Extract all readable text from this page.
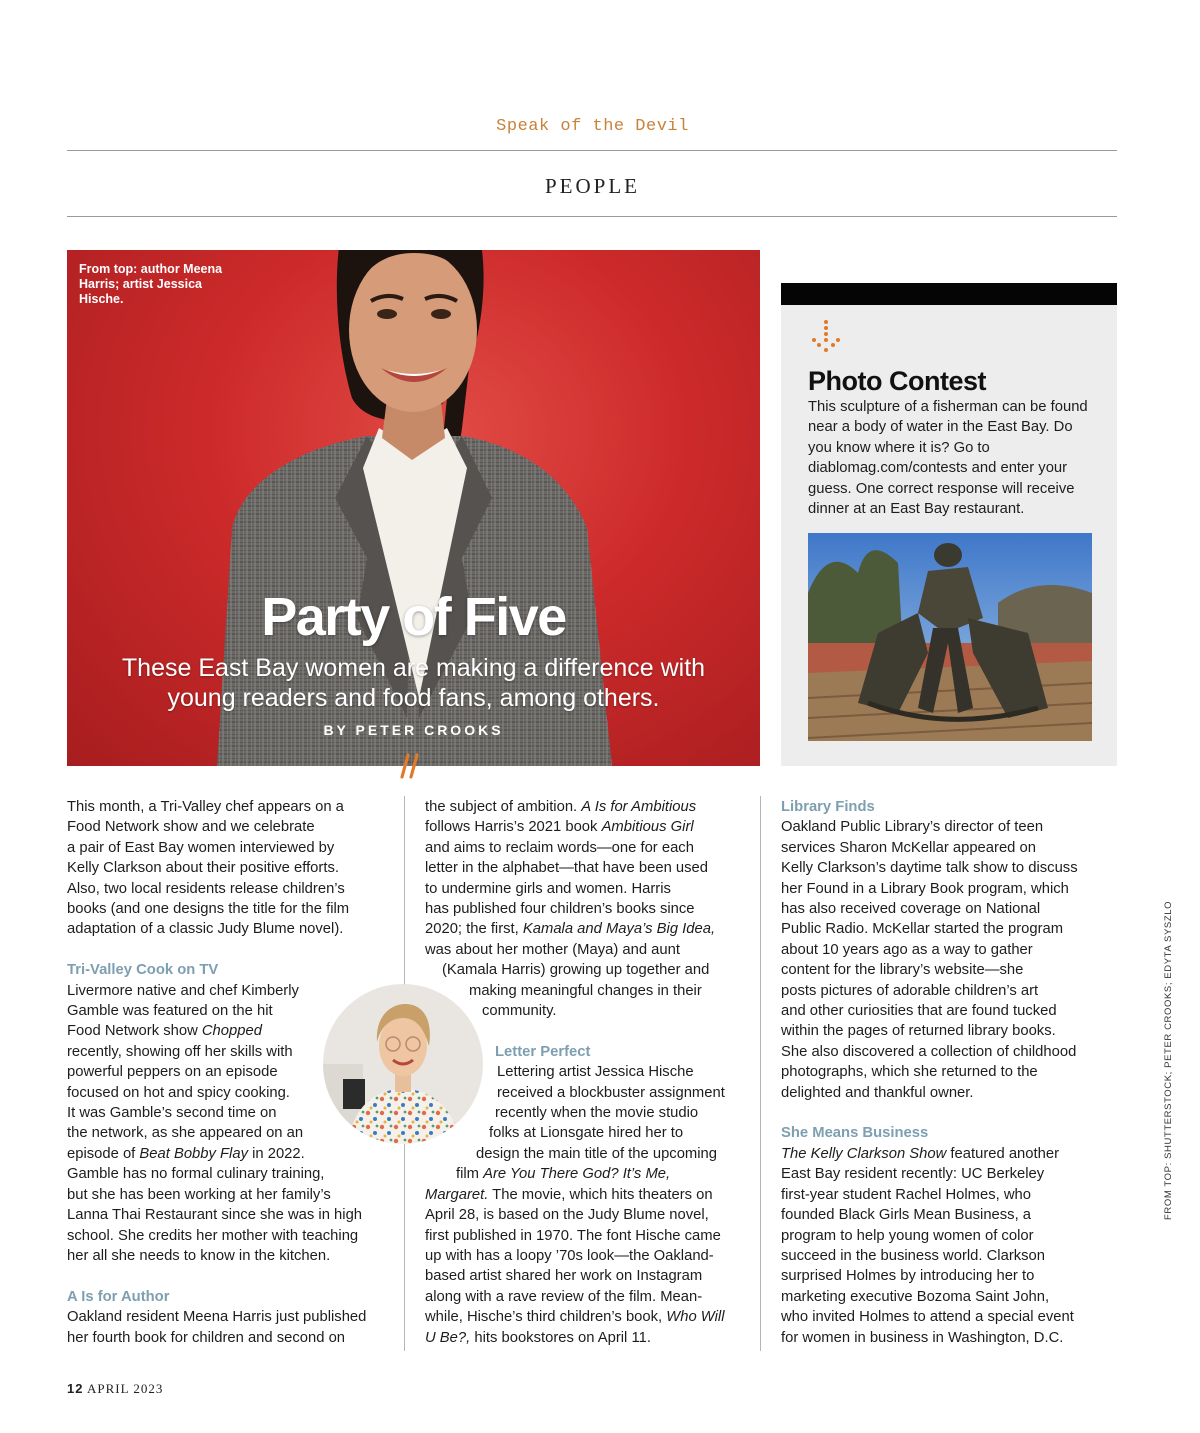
Speak of the Devil
PEOPLE
From top: author Meena Harris; artist Jessica Hische.
Party of Five
These East Bay women are making a difference with young readers and food fans, among others.
BY PETER CROOKS
Photo Contest
This sculpture of a fisherman can be found near a body of water in the East Bay. Do you know where it is? Go to diablomag.com/contests and enter your guess. One correct response will receive dinner at an East Bay restaurant.
This month, a Tri-Valley chef appears on a
Food Network show and we celebrate
a pair of East Bay women interviewed by
Kelly Clarkson about their positive efforts.
Also, two local residents release children’s
books (and one designs the title for the film
adaptation of a classic Judy Blume novel).
Tri-Valley Cook on TV
Livermore native and chef Kimberly
Gamble was featured on the hit
Food Network show Chopped
recently, showing off her skills with
powerful peppers on an episode
focused on hot and spicy cooking.
It was Gamble’s second time on
the network, as she appeared on an
episode of Beat Bobby Flay in 2022.
Gamble has no formal culinary training,
but she has been working at her family’s
Lanna Thai Restaurant since she was in high
school. She credits her mother with teaching
her all she needs to know in the kitchen.
A Is for Author
Oakland resident Meena Harris just published
her fourth book for children and second on
the subject of ambition. A Is for Ambitious
follows Harris’s 2021 book Ambitious Girl
and aims to reclaim words—one for each
letter in the alphabet—that have been used
to undermine girls and women. Harris
has published four children’s books since
2020; the first, Kamala and Maya’s Big Idea,
was about her mother (Maya) and aunt
(Kamala Harris) growing up together and
making meaningful changes in their
community.
Letter Perfect
Lettering artist Jessica Hische
received a blockbuster assignment
recently when the movie studio
folks at Lionsgate hired her to
design the main title of the upcoming
film Are You There God? It’s Me,
Margaret. The movie, which hits theaters on
April 28, is based on the Judy Blume novel,
first published in 1970. The font Hische came
up with has a loopy ’70s look—the Oakland-
based artist shared her work on Instagram
along with a rave review of the film. Mean-
while, Hische’s third children’s book, Who Will
U Be?, hits bookstores on April 11.
Library Finds
Oakland Public Library’s director of teen
services Sharon McKellar appeared on
Kelly Clarkson’s daytime talk show to discuss
her Found in a Library Book program, which
has also received coverage on National
Public Radio. McKellar started the program
about 10 years ago as a way to gather
content for the library’s website—she
posts pictures of adorable children’s art
and other curiosities that are found tucked
within the pages of returned library books.
She also discovered a collection of childhood
photographs, which she returned to the
delighted and thankful owner.
She Means Business
The Kelly Clarkson Show featured another
East Bay resident recently: UC Berkeley
first-year student Rachel Holmes, who
founded Black Girls Mean Business, a
program to help young women of color
succeed in the business world. Clarkson
surprised Holmes by introducing her to
marketing executive Bozoma Saint John,
who invited Holmes to attend a special event
for women in business in Washington, D.C.
FROM TOP: SHUTTERSTOCK; PETER CROOKS; EDYTA SYSZLO
12 APRIL 2023
